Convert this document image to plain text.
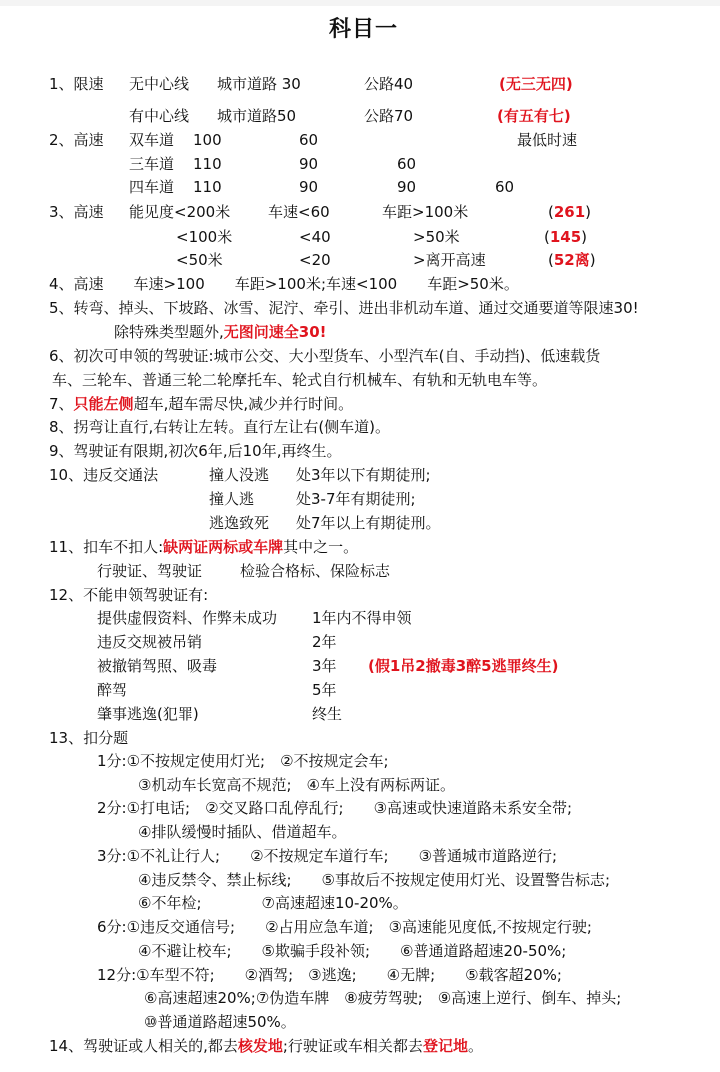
科目一
1、限速 无中心线 城市道路 30	公路40	(无三无四)
有中心线 城市道路50	公路70	(有五有七)
2、高速 双车道 100	60	最低时速
三车道 110	90	60
四车道 110	90	90	60
3、高速 能见度<200米	车速<60	车距>100米	(261)
<100米	<40	>50米	(145)
<50米	<20	>离开高速	(52离)
4、高速　　车速>100　　车距>100米;车速<100　　车距>50米。
5、转弯、掉头、下坡路、冰雪、泥泞、牵引、进出非机动车道、通过交通要道等限速30!
除特殊类型题外,无图问速全30!
6、初次可申领的驾驶证:城市公交、大小型货车、小型汽车(自、手动挡)、低速载货
车、三轮车、普通三轮二轮摩托车、轮式自行机械车、有轨和无轨电车等。
7、只能左侧超车,超车需尽快,减少并行时间。
8、拐弯让直行,右转让左转。直行左让右(侧车道)。
9、驾驶证有限期,初次6年,后10年,再终生。
10、违反交通法	撞人没逃 处3年以下有期徒刑;
撞人逃	处3-7年有期徒刑;
逃逸致死 处7年以上有期徒刑。
11、扣车不扣人:缺两证两标或车牌其中之一。
行驶证、驾驶证	检验合格标、保险标志
12、不能申领驾驶证有:
提供虚假资料、作弊未成功 1年内不得申领
违反交规被吊销	2年
被撤销驾照、吸毒	3年 (假1吊2撤毒3醉5逃罪终生)
醉驾	5年
肇事逃逸(犯罪)	终生
13、扣分题
1分:①不按规定使用灯光;　②不按规定会车;
③机动车长宽高不规范;　④车上没有两标两证。
2分:①打电话;　②交叉路口乱停乱行;　　③高速或快速道路未系安全带;
④排队缓慢时插队、借道超车。
3分:①不礼让行人;　　②不按规定车道行车;　　③普通城市道路逆行;
④违反禁令、禁止标线;　　⑤事故后不按规定使用灯光、设置警告标志;
⑥不年检;　　　　⑦高速超速10-20%。
6分:①违反交通信号;　　②占用应急车道;　③高速能见度低,不按规定行驶;
④不避让校车;　　⑤欺骗手段补领;　　⑥普通道路超速20-50%;
12分:①车型不符;　　②酒驾;　③逃逸;　　④无牌;　　⑤载客超20%;
⑥高速超速20%;⑦伪造车牌　⑧疲劳驾驶;　⑨高速上逆行、倒车、掉头;
⑩普通道路超速50%。
14、驾驶证或人相关的,都去核发地;行驶证或车相关都去登记地。
